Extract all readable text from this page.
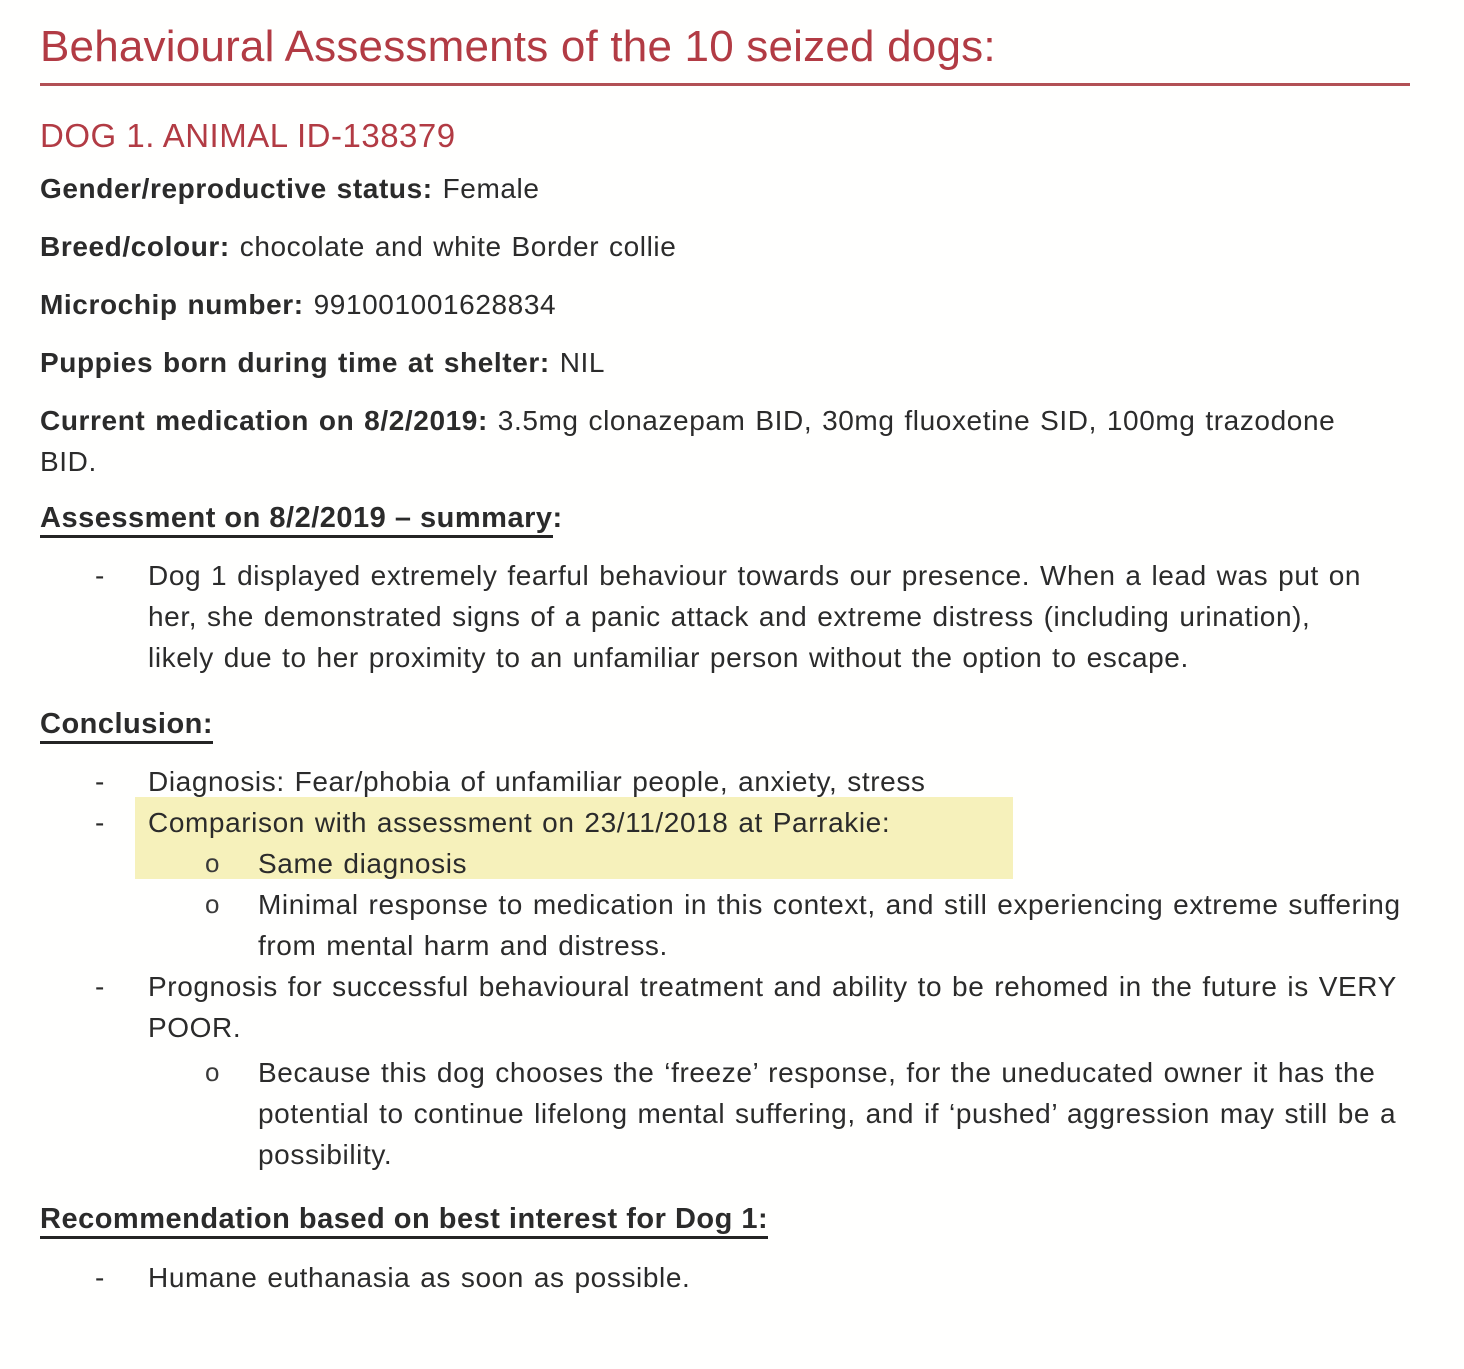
Behavioural Assessments of the 10 seized dogs:
DOG 1. ANIMAL ID-138379

Gender/reproductive status: Female

Breed/colour: chocolate and white Border collie

Microchip number: 991001001628834

Puppies born during time at shelter: NIL

Current medication on 8/2/2019: 3.5mg clonazepam BID, 30mg fluoxetine SID, 100mg trazodone BID.

Assessment on 8/2/2019 – summary:
- Dog 1 displayed extremely fearful behaviour towards our presence. When a lead was put on her, she demonstrated signs of a panic attack and extreme distress (including urination), likely due to her proximity to an unfamiliar person without the option to escape.
Conclusion:
- Diagnosis: Fear/phobia of unfamiliar people, anxiety, stress
- Comparison with assessment on 23/11/2018 at Parrakie:
o Same diagnosis
o Minimal response to medication in this context, and still experiencing extreme suffering from mental harm and distress.
- Prognosis for successful behavioural treatment and ability to be rehomed in the future is VERY POOR.
o Because this dog chooses the ‘freeze’ response, for the uneducated owner it has the potential to continue lifelong mental suffering, and if ‘pushed’ aggression may still be a possibility.
Recommendation based on best interest for Dog 1:
- Humane euthanasia as soon as possible.
